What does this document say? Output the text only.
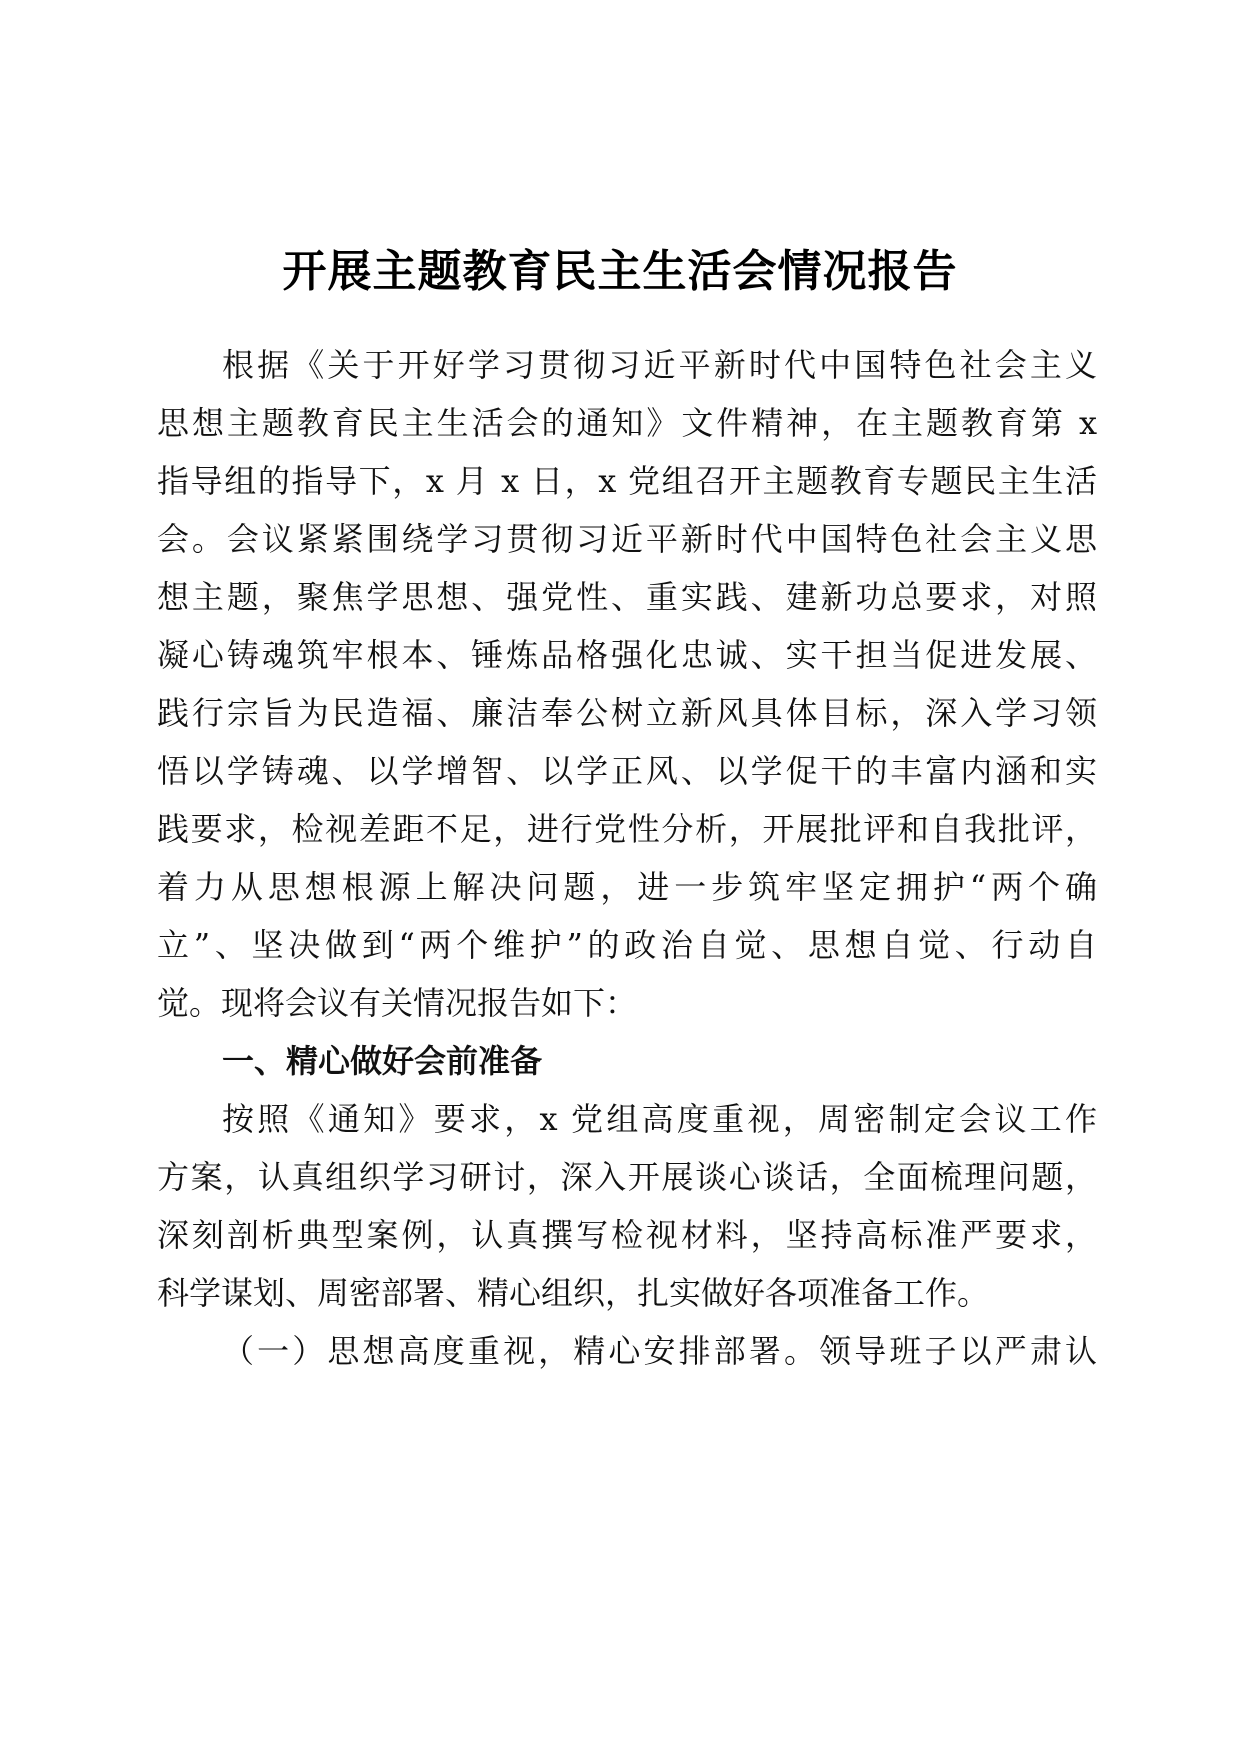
开展主题教育民主生活会情况报告
根据《关于开好学习贯彻习近平新时代中国特色社会主义
思想主题教育民主生活会的通知》文件精神，在主题教育第 x
指导组的指导下，x 月 x 日，x 党组召开主题教育专题民主生活
会。会议紧紧围绕学习贯彻习近平新时代中国特色社会主义思
想主题，聚焦学思想、强党性、重实践、建新功总要求，对照
凝心铸魂筑牢根本、锤炼品格强化忠诚、实干担当促进发展、
践行宗旨为民造福、廉洁奉公树立新风具体目标，深入学习领
悟以学铸魂、以学增智、以学正风、以学促干的丰富内涵和实
践要求，检视差距不足，进行党性分析，开展批评和自我批评，
着力从思想根源上解决问题，进一步筑牢坚定拥护“两个确
立”、坚决做到“两个维护”的政治自觉、思想自觉、行动自
觉。现将会议有关情况报告如下：
一、精心做好会前准备
按照《通知》要求，x 党组高度重视，周密制定会议工作
方案，认真组织学习研讨，深入开展谈心谈话，全面梳理问题，
深刻剖析典型案例，认真撰写检视材料，坚持高标准严要求，
科学谋划、周密部署、精心组织，扎实做好各项准备工作。
（一）思想高度重视，精心安排部署。领导班子以严肃认
